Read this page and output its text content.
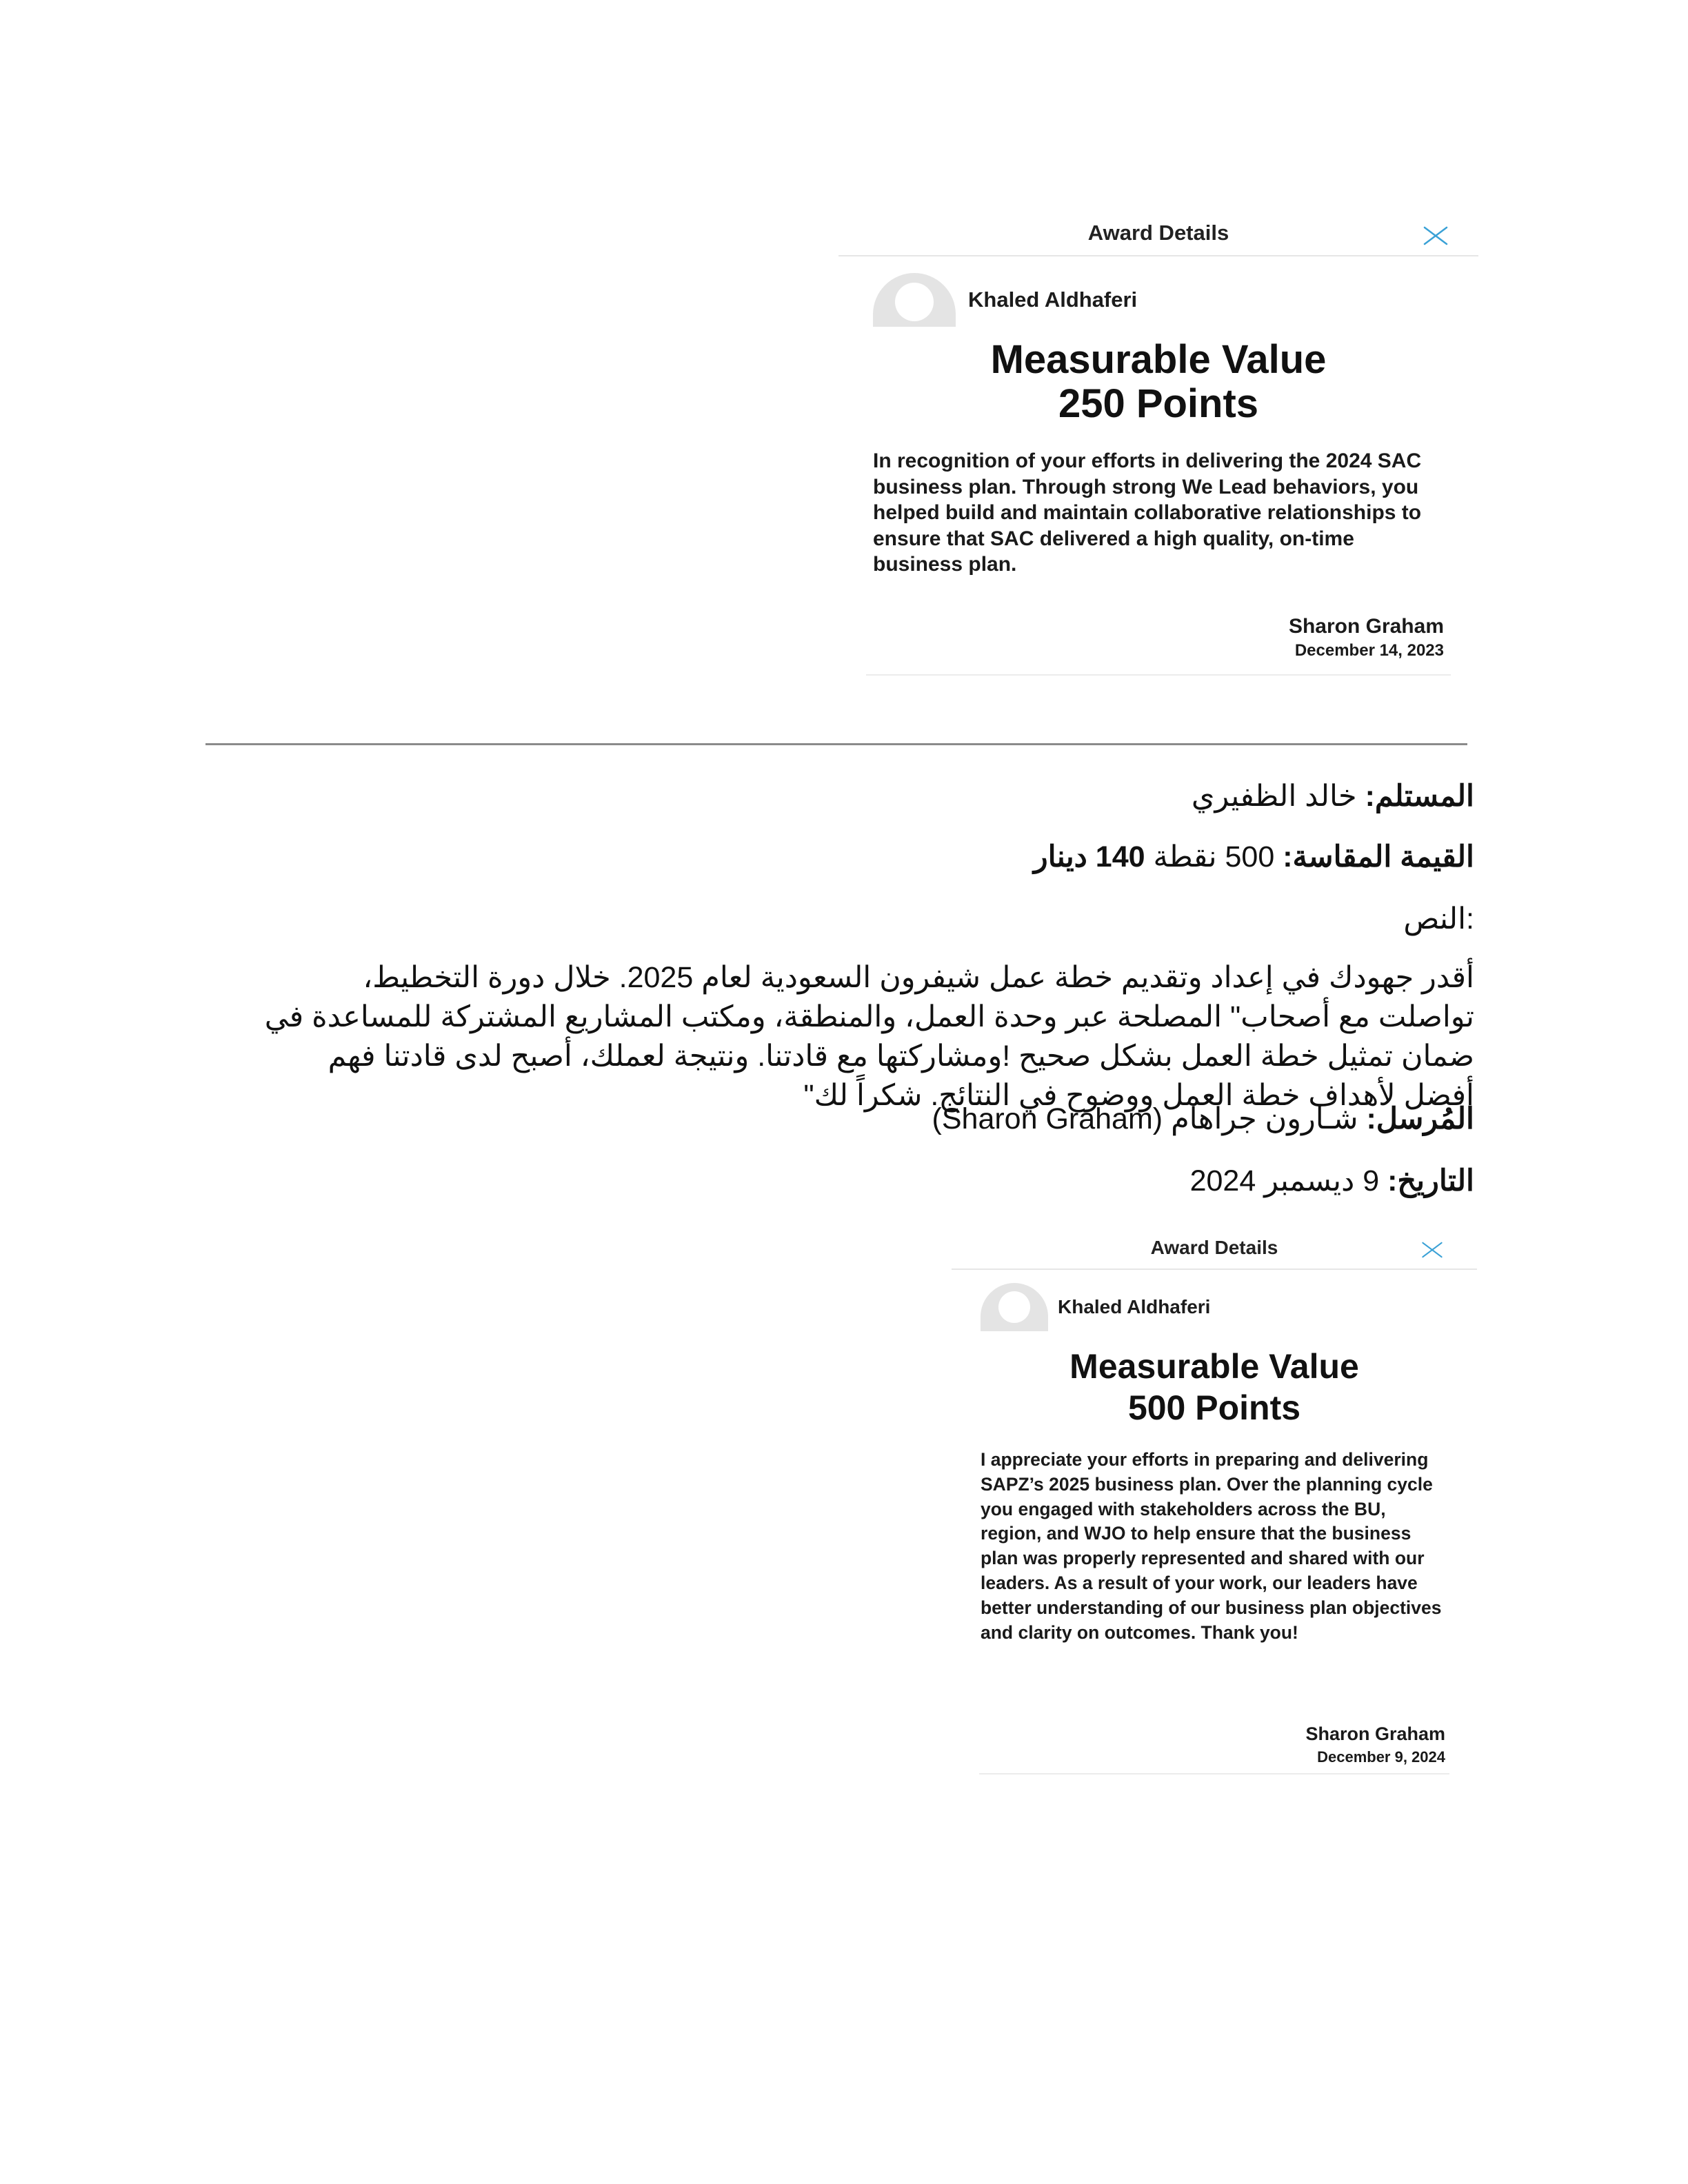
Award Details
Khaled Aldhaferi
Measurable Value
250 Points
In recognition of your efforts in delivering the 2024 SAC business plan. Through strong We Lead behaviors, you helped build and maintain collaborative relationships to ensure that SAC delivered a high quality, on-time business plan.
Sharon Graham
December 14, 2023
المستلم: خالد الظفيري
القيمة المقاسة: 500 نقطة 140 دينار
:النص
المُرسل: شـارون جراهام (Sharon Graham)
التاريخ: 9 ديسمبر 2024
أقدر جهودك في إعداد وتقديم خطة عمل شيفرون السعودية لعام 2025. خلال دورة التخطيط، تواصلت مع أصحاب" المصلحة عبر وحدة العمل، والمنطقة، ومكتب المشاريع المشتركة للمساعدة في ضمان تمثيل خطة العمل بشكل صحيح !ومشاركتها مع قادتنا. ونتيجة لعملك، أصبح لدى قادتنا فهم أفضل لأهداف خطة العمل ووضوح في النتائج. شكراً لك"
Award Details
Khaled Aldhaferi
Measurable Value
500 Points
I appreciate your efforts in preparing and delivering SAPZ’s 2025 business plan. Over the planning cycle you engaged with stakeholders across the BU, region, and WJO to help ensure that the business plan was properly represented and shared with our leaders. As a result of your work, our leaders have better understanding of our business plan objectives and clarity on outcomes. Thank you!
Sharon Graham
December 9, 2024
